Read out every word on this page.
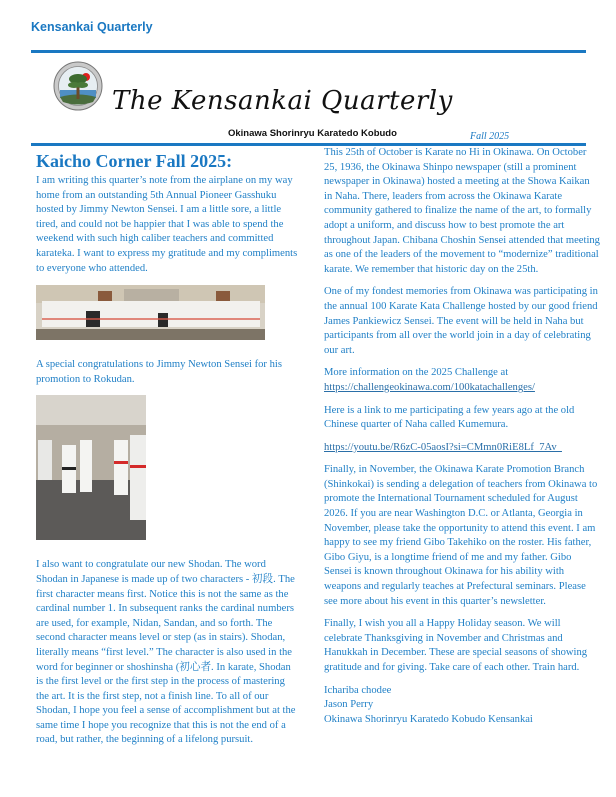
Kensankai Quarterly
The Kensankai Quarterly
Okinawa Shorinryu Karatedo Kobudo	Fall 2025
Kaicho Corner Fall 2025:

I am writing this quarter’s note from the airplane on my way home from an outstanding 5th Annual Pioneer Gasshuku hosted by Jimmy Newton Sensei. I am a little sore, a little tired, and could not be happier that I was able to spend the weekend with such high caliber teachers and committed karateka. I want to express my gratitude and my compliments to everyone who attended.

A special congratulations to Jimmy Newton Sensei for his promotion to Rokudan.

I also want to congratulate our new Shodan. The word Shodan in Japanese is made up of two characters - 初段. The first character means first. Notice this is not the same as the cardinal number 1. In subsequent ranks the cardinal numbers are used, for example, Nidan, Sandan, and so forth. The second character means level or step (as in stairs). Shodan, literally means “first level.” The character is also used in the word for beginner or shoshinsha (初心者. In karate, Shodan is the first level or the first step in the process of mastering the art. It is the first step, not a finish line. To all of our Shodan, I hope you feel a sense of accomplishment but at the same time I hope you recognize that this is not the end of a road, but rather, the beginning of a lifelong pursuit.

This 25th of October is Karate no Hi in Okinawa. On October 25, 1936, the Okinawa Shinpo newspaper (still a prominent newspaper in Okinawa) hosted a meeting at the Showa Kaikan in Naha. There, leaders from across the Okinawa Karate community gathered to finalize the name of the art, to formally adopt a uniform, and discuss how to best promote the art throughout Japan. Chibana Choshin Sensei attended that meeting as one of the leaders of the movement to “modernize” traditional karate. We remember that historic day on the 25th.

One of my fondest memories from Okinawa was participating in the annual 100 Karate Kata Challenge hosted by our good friend James Pankiewicz Sensei. The event will be held in Naha but participants from all over the world join in a day of celebrating our art.

More information on the 2025 Challenge at
https://challengeokinawa.com/100katachallenges/

Here is a link to me participating a few years ago at the old Chinese quarter of Naha called Kumemura.

https://youtu.be/R6zC-05aosI?si=CMmn0RiE8Lf_7Av_

Finally, in November, the Okinawa Karate Promotion Branch (Shinkokai) is sending a delegation of teachers from Okinawa to promote the International Tournament scheduled for August 2026. If you are near Washington D.C. or Atlanta, Georgia in November, please take the opportunity to attend this event. I am happy to see my friend Gibo Takehiko on the roster. His father, Gibo Giyu, is a longtime friend of me and my father. Gibo Sensei is known throughout Okinawa for his ability with weapons and regularly teaches at Prefectural seminars. Please see more about his event in this quarter’s newsletter.

Finally, I wish you all a Happy Holiday season. We will celebrate Thanksgiving in November and Christmas and Hanukkah in December. These are special seasons of showing gratitude and for giving. Take care of each other. Train hard.

Ichariba chodee

Jason Perry

Okinawa Shorinryu Karatedo Kobudo Kensankai
